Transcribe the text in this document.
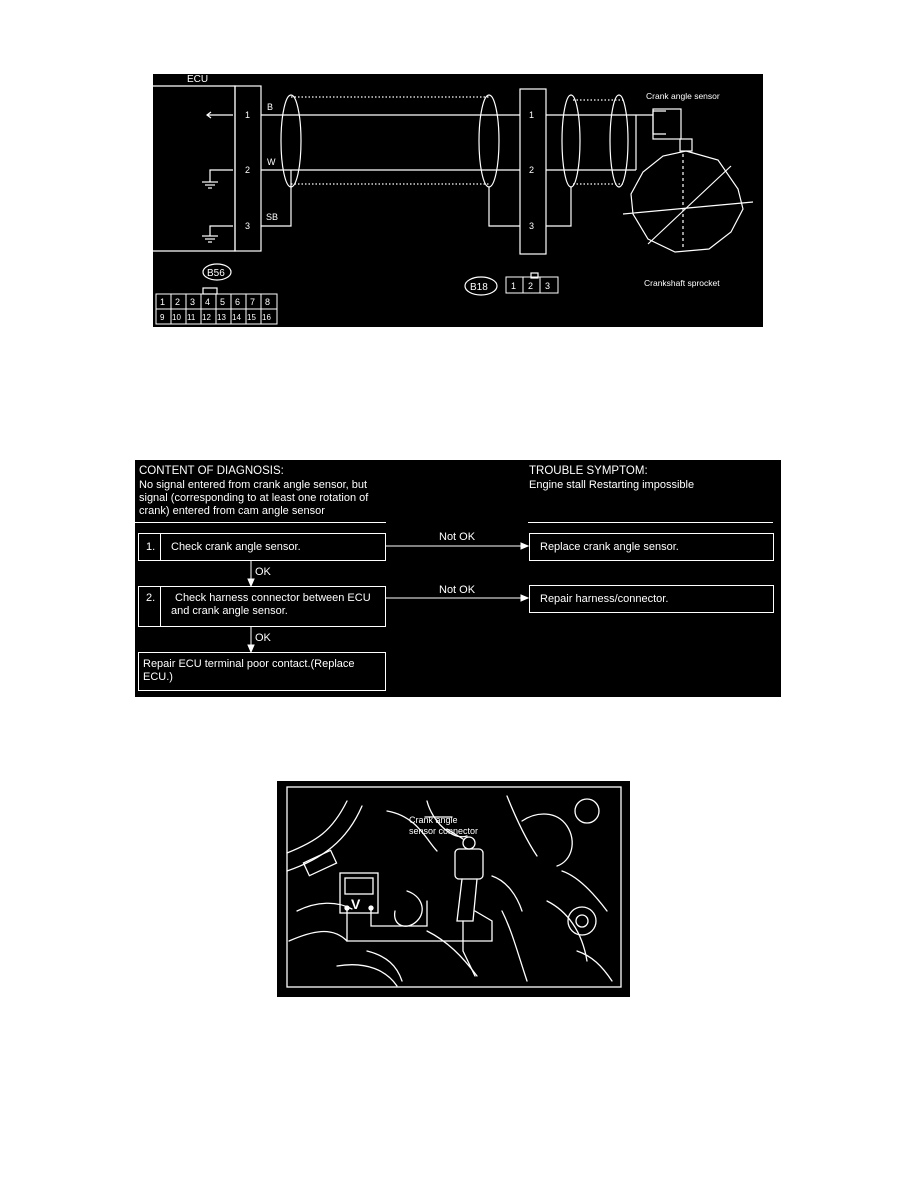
ECU
1
2
3
B
W
SB
1
2
3
Crank angle sensor
Crankshaft sprocket
B56
B18
1 2 3 4 5 6 7 8
9 10 11 12 13 14 15 16
1 2 3
CONTENT OF DIAGNOSIS:
No signal entered from crank angle sensor, but
signal (corresponding to at least one rotation of
crank) entered from cam angle sensor
TROUBLE SYMPTOM:
Engine stall Restarting impossible
1. Check crank angle sensor.
Not OK
Replace crank angle sensor.
OK
2. Check harness connector between ECU
and crank angle sensor.
Not OK
Repair harness/connector.
OK
Repair ECU terminal poor contact.(Replace
ECU.)
Crank angle
sensor connector
V
